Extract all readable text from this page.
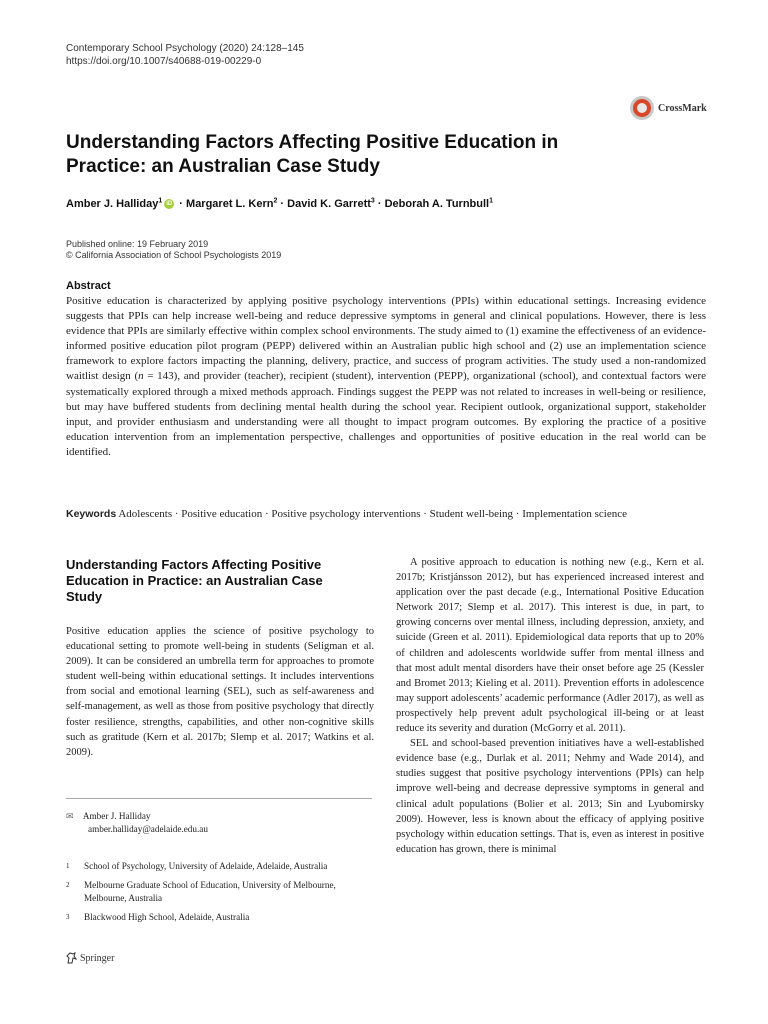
Contemporary School Psychology (2020) 24:128–145
https://doi.org/10.1007/s40688-019-00229-0
CrossMark
Understanding Factors Affecting Positive Education in Practice: an Australian Case Study
Amber J. Halliday$^1$ iD · Margaret L. Kern$^2$ · David K. Garrett$^3$ · Deborah A. Turnbull$^1$
Published online: 19 February 2019
© California Association of School Psychologists 2019
Abstract
Positive education is characterized by applying positive psychology interventions (PPIs) within educational settings. Increasing evidence suggests that PPIs can help increase well-being and reduce depressive symptoms in general and clinical populations. However, there is less evidence that PPIs are similarly effective within complex school environments. The study aimed to (1) examine the effectiveness of an evidence-informed positive education pilot program (PEPP) delivered within an Australian public high school and (2) use an implementation science framework to explore factors impacting the planning, delivery, practice, and success of program activities. The study used a non-randomized waitlist design (n = 143), and provider (teacher), recipient (student), intervention (PEPP), organizational (school), and contextual factors were systematically explored through a mixed methods approach. Findings suggest the PEPP was not related to increases in well-being or resilience, but may have buffered students from declining mental health during the school year. Recipient outlook, organizational support, stakeholder input, and provider enthusiasm and understanding were all thought to impact program outcomes. By exploring the practice of a positive education intervention from an implementation perspective, challenges and opportunities of positive education in the real world can be identified.
Keywords Adolescents · Positive education · Positive psychology interventions · Student well-being · Implementation science
Understanding Factors Affecting Positive Education in Practice: an Australian Case Study
Positive education applies the science of positive psychology to educational setting to promote well-being in students (Seligman et al. 2009). It can be considered an umbrella term for approaches to promote student well-being within educational settings. It includes interventions from social and emotional learning (SEL), such as self-awareness and self-management, as well as those from positive psychology that directly foster resilience, strengths, capabilities, and other non-cognitive skills such as gratitude (Kern et al. 2017b; Slemp et al. 2017; Watkins et al. 2009).
✉ Amber J. Halliday
amber.halliday@adelaide.edu.au
1 School of Psychology, University of Adelaide, Adelaide, Australia
2 Melbourne Graduate School of Education, University of Melbourne, Melbourne, Australia
3 Blackwood High School, Adelaide, Australia

A positive approach to education is nothing new (e.g., Kern et al. 2017b; Kristjánsson 2012), but has experienced increased interest and application over the past decade (e.g., International Positive Education Network 2017; Slemp et al. 2017). This interest is due, in part, to growing concerns over mental illness, including depression, anxiety, and suicide (Green et al. 2011). Epidemiological data reports that up to 20% of children and adolescents worldwide suffer from mental illness and that most adult mental disorders have their onset before age 25 (Kessler and Bromet 2013; Kieling et al. 2011). Prevention efforts in adolescence may support adolescents’ academic performance (Adler 2017), as well as prospectively help prevent adult psychological ill-being or at least reduce its severity and duration (McGorry et al. 2011).

SEL and school-based prevention initiatives have a well-established evidence base (e.g., Durlak et al. 2011; Nehmy and Wade 2014), and studies suggest that positive psychology interventions (PPIs) can help improve well-being and decrease depressive symptoms in general and clinical adult populations (Bolier et al. 2013; Sin and Lyubomirsky 2009). However, less is known about the efficacy of applying positive psychology within education settings. That is, even as interest in positive education has grown, there is minimal

Springer
